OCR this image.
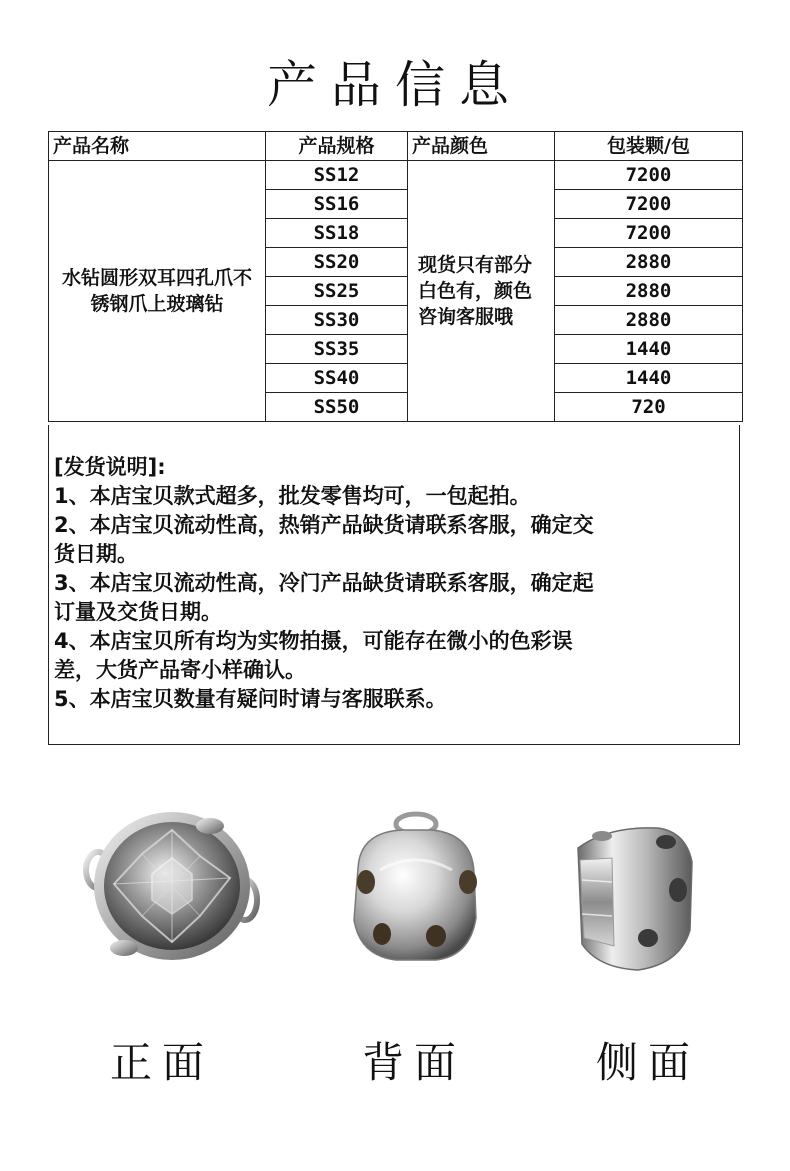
产品信息
产品名称	产品规格	产品颜色	包装颗/包
水钻圆形双耳四孔爪不锈钢爪上玻璃钻	SS12	现货只有部分白色有，颜色咨询客服哦	7200
	SS16		7200
	SS18		7200
	SS20		2880
	SS25		2880
	SS30		2880
	SS35		1440
	SS40		1440
	SS50		720
[发货说明]:
1、本店宝贝款式超多，批发零售均可，一包起拍。
2、本店宝贝流动性高，热销产品缺货请联系客服，确定交
货日期。
3、本店宝贝流动性高，冷门产品缺货请联系客服，确定起
订量及交货日期。
4、本店宝贝所有均为实物拍摄，可能存在微小的色彩误
差，大货产品寄小样确认。
5、本店宝贝数量有疑问时请与客服联系。
正面	背面	侧面
